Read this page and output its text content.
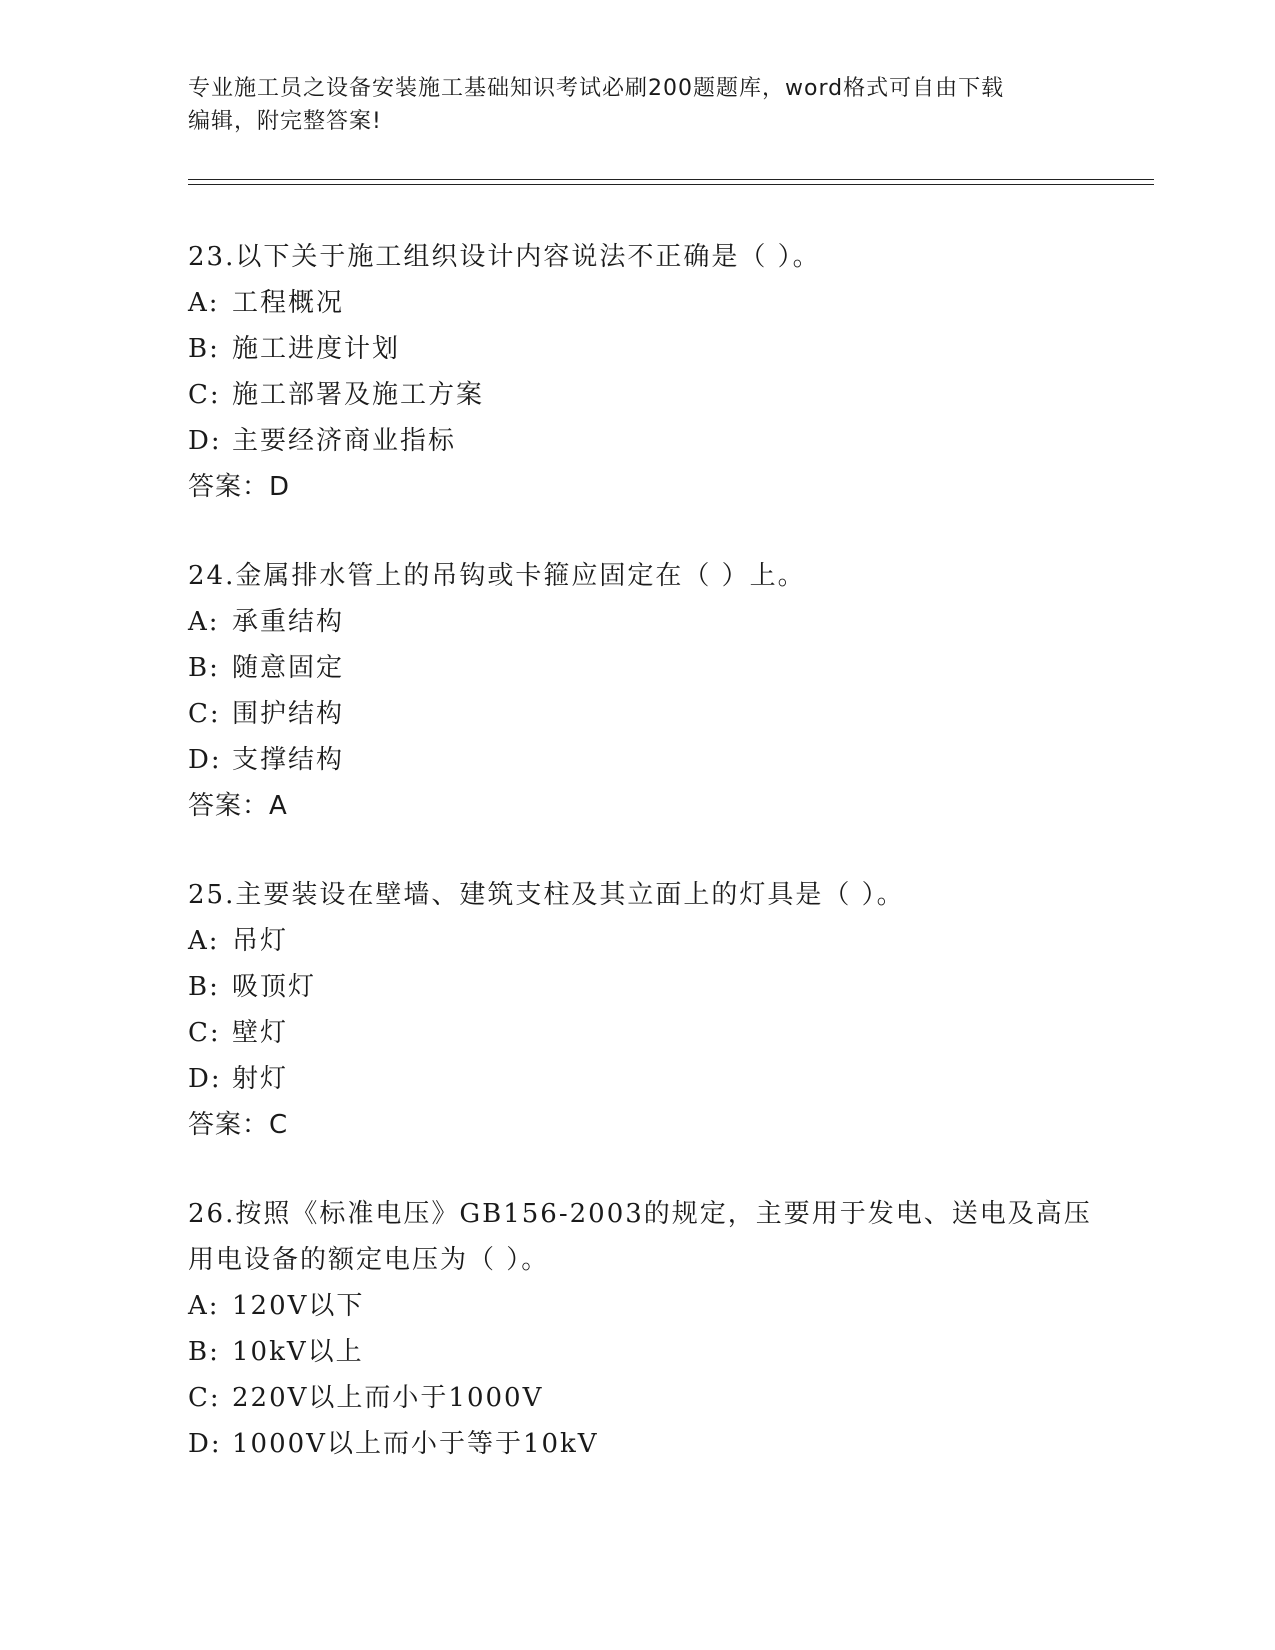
专业施工员之设备安装施工基础知识考试必刷200题题库，word格式可自由下载
编辑，附完整答案!
23.以下关于施工组织设计内容说法不正确是（ ）。
A: 工程概况
B: 施工进度计划
C: 施工部署及施工方案
D: 主要经济商业指标
答案：D
24.金属排水管上的吊钩或卡箍应固定在（ ）上。
A: 承重结构
B: 随意固定
C: 围护结构
D: 支撑结构
答案：A
25.主要装设在壁墙、建筑支柱及其立面上的灯具是（ ）。
A: 吊灯
B: 吸顶灯
C: 壁灯
D: 射灯
答案：C
26.按照《标准电压》GB156-2003的规定，主要用于发电、送电及高压
用电设备的额定电压为（ ）。
A: 120V以下
B: 10kV以上
C: 220V以上而小于1000V
D: 1000V以上而小于等于10kV
